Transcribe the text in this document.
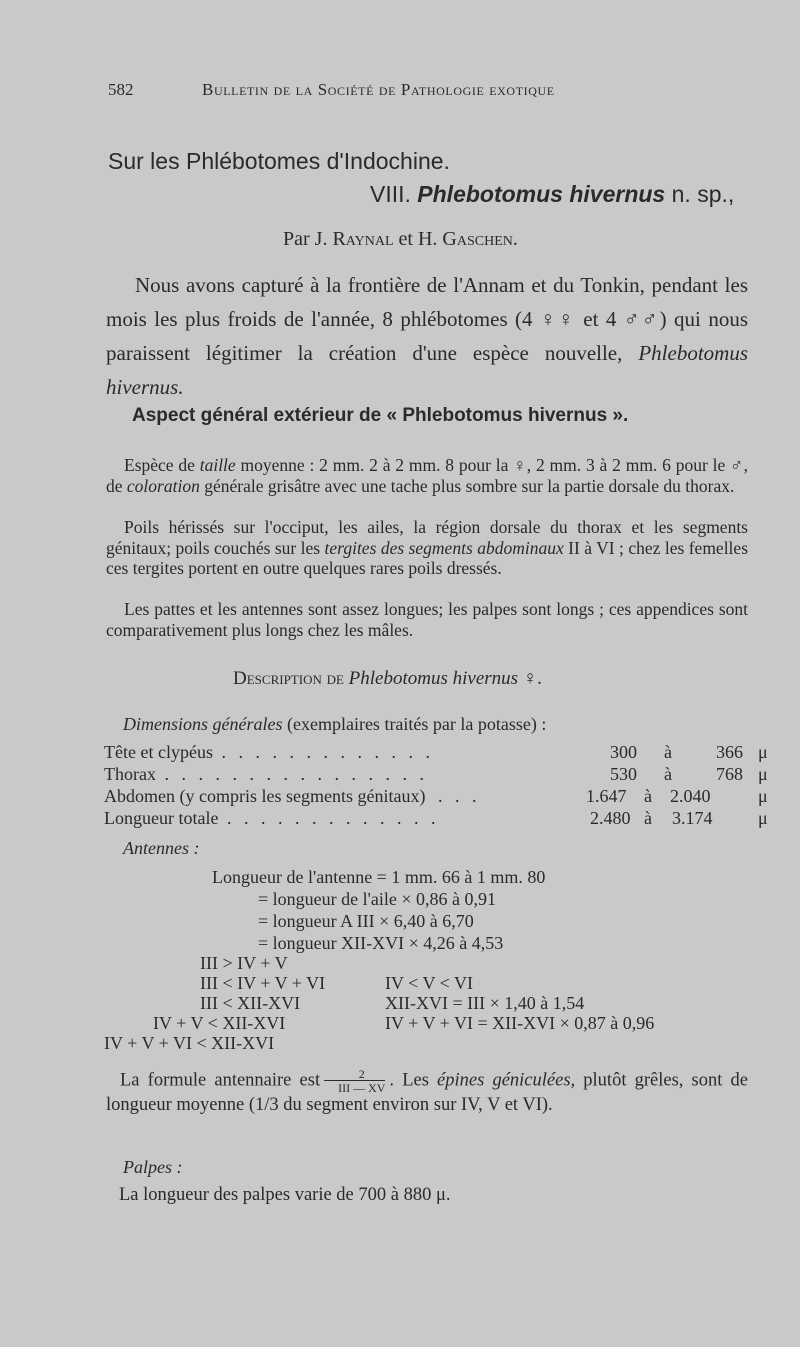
582	Bulletin de la Société de Pathologie exotique
Sur les Phlébotomes d'Indochine.
VIII. Phlebotomus hivernus n. sp.,
Par J. Raynal et H. Gaschen.

Nous avons capturé à la frontière de l'Annam et du Tonkin, pendant les mois les plus froids de l'année, 8 phlébotomes (4 ♀♀ et 4 ♂♂) qui nous paraissent légitimer la création d'une espèce nouvelle, Phlebotomus hivernus.

Aspect général extérieur de « Phlebotomus hivernus ».

Espèce de taille moyenne : 2 mm. 2 à 2 mm. 8 pour la ♀, 2 mm. 3 à 2 mm. 6 pour le ♂, de coloration générale grisâtre avec une tache plus sombre sur la partie dorsale du thorax.

Poils hérissés sur l'occiput, les ailes, la région dorsale du thorax et les segments génitaux; poils couchés sur les tergites des segments abdominaux II à VI ; chez les femelles ces tergites portent en outre quelques rares poils dressés.

Les pattes et les antennes sont assez longues; les palpes sont longs ; ces appendices sont comparativement plus longs chez les mâles.

Description de Phlebotomus hivernus ♀.
Dimensions générales (exemplaires traités par la potasse) :
Tête et clypéus . . . . . . . . . . . . .	300 à 366 μ
Thorax . . . . . . . . . . . . . . . .	530 à 768 μ
Abdomen (y compris les segments génitaux) . . .	1.647 à 2.040	μ
Longueur totale . . . . . . . . . . . . .	2.480 à 3.174	μ
Antennes :
Longueur de l'antenne = 1 mm. 66 à 1 mm. 80
= longueur de l'aile × 0,86 à 0,91
= longueur A III × 6,40 à 6,70
= longueur XII-XVI × 4,26 à 4,53
III > IV + V
III < IV + V + VI	IV < V < VI
III < XII-XVI	XII-XVI = III × 1,40 à 1,54
IV + V < XII-XVI	IV + V + VI = XII-XVI × 0,87 à 0,96
IV + V + VI < XII-XVI

La formule antennaire est $\frac{2}{\text{III — XV}}$ . Les épines géniculées, plutôt grêles, sont de longueur moyenne (1/3 du segment environ sur IV, V et VI).

Palpes :
La longueur des palpes varie de 700 à 880 μ.
